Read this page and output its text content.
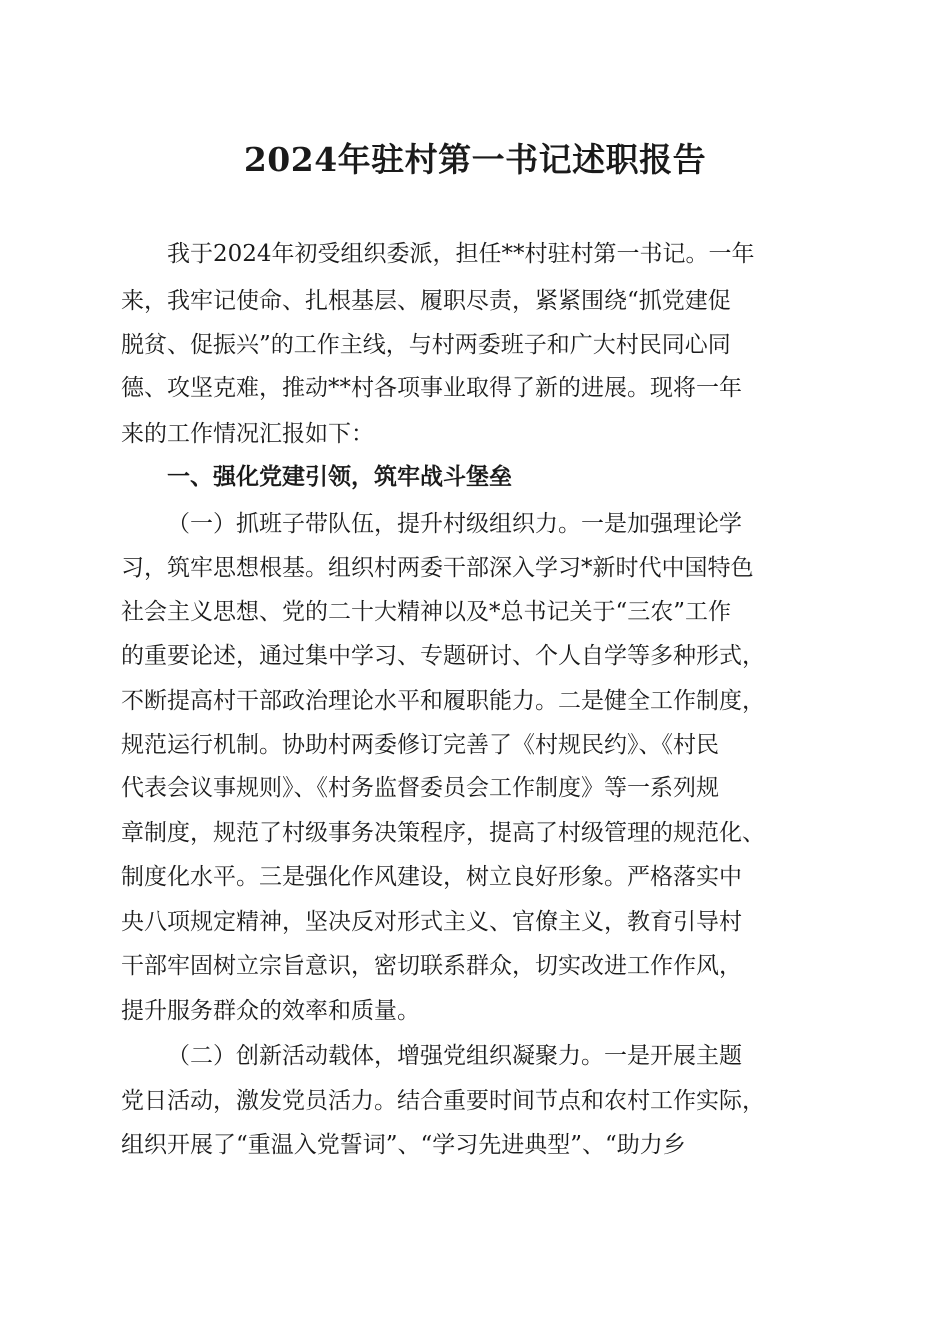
2024年驻村第一书记述职报告
我于2024年初受组织委派，担任**村驻村第一书记。一年
来，我牢记使命、扎根基层、履职尽责，紧紧围绕“抓党建促
脱贫、促振兴”的工作主线，与村两委班子和广大村民同心同
德、攻坚克难，推动**村各项事业取得了新的进展。现将一年
来的工作情况汇报如下：
一、强化党建引领，筑牢战斗堡垒
（一）抓班子带队伍，提升村级组织力。一是加强理论学
习，筑牢思想根基。组织村两委干部深入学习*新时代中国特色
社会主义思想、党的二十大精神以及*总书记关于“三农”工作
的重要论述，通过集中学习、专题研讨、个人自学等多种形式，
不断提高村干部政治理论水平和履职能力。二是健全工作制度，
规范运行机制。协助村两委修订完善了《村规民约》、《村民
代表会议事规则》、《村务监督委员会工作制度》等一系列规
章制度，规范了村级事务决策程序，提高了村级管理的规范化、
制度化水平。三是强化作风建设，树立良好形象。严格落实中
央八项规定精神，坚决反对形式主义、官僚主义，教育引导村
干部牢固树立宗旨意识，密切联系群众，切实改进工作作风，
提升服务群众的效率和质量。
（二）创新活动载体，增强党组织凝聚力。一是开展主题
党日活动，激发党员活力。结合重要时间节点和农村工作实际，
组织开展了“重温入党誓词”、“学习先进典型”、“助力乡
